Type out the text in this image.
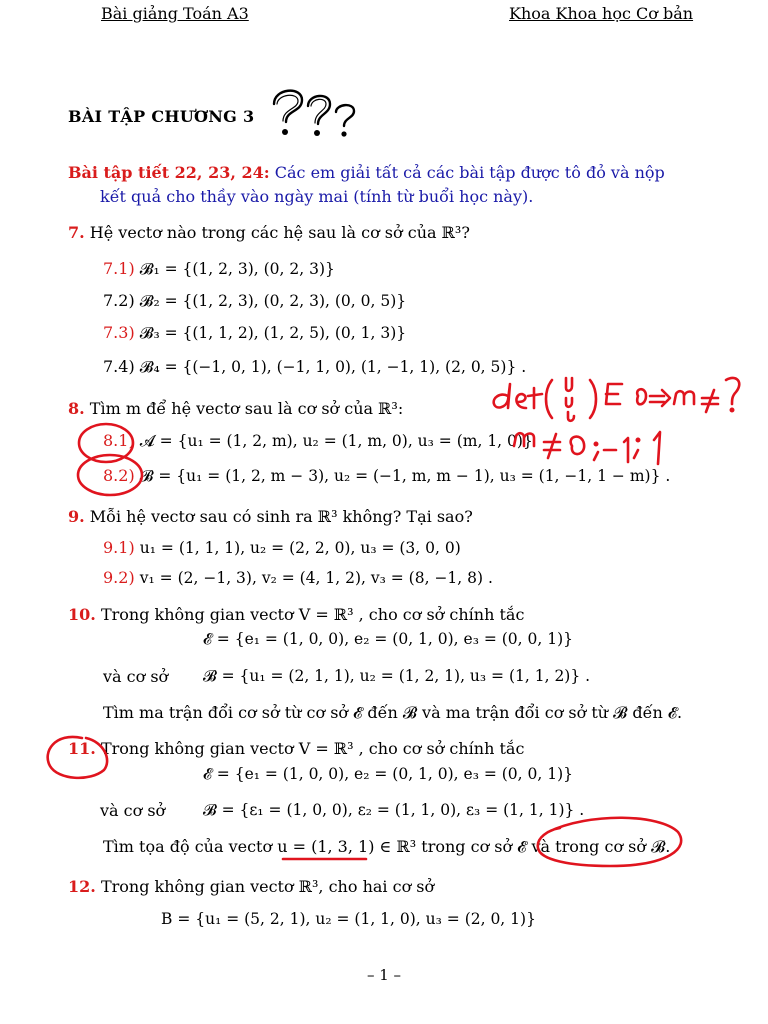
Bài giảng Toán A3	Khoa Khoa học Cơ bản
BÀI TẬP CHƯƠNG 3
Bài tập tiết 22, 23, 24: Các em giải tất cả các bài tập được tô đỏ và nộp
kết quả cho thầy vào ngày mai (tính từ buổi học này).
7. Hệ vectơ nào trong các hệ sau là cơ sở của ℝ³?
7.1) 𝓑₁ = {(1, 2, 3), (0, 2, 3)}
7.2) 𝓑₂ = {(1, 2, 3), (0, 2, 3), (0, 0, 5)}
7.3) 𝓑₃ = {(1, 1, 2), (1, 2, 5), (0, 1, 3)}
7.4) 𝓑₄ = {(−1, 0, 1), (−1, 1, 0), (1, −1, 1), (2, 0, 5)} .
8. Tìm m để hệ vectơ sau là cơ sở của ℝ³:
8.1) 𝓐 = {u₁ = (1, 2, m), u₂ = (1, m, 0), u₃ = (m, 1, 0)}
8.2) 𝓑 = {u₁ = (1, 2, m − 3), u₂ = (−1, m, m − 1), u₃ = (1, −1, 1 − m)} .
9. Mỗi hệ vectơ sau có sinh ra ℝ³ không? Tại sao?
9.1) u₁ = (1, 1, 1), u₂ = (2, 2, 0), u₃ = (3, 0, 0)
9.2) v₁ = (2, −1, 3), v₂ = (4, 1, 2), v₃ = (8, −1, 8) .
10. Trong không gian vectơ V = ℝ³ , cho cơ sở chính tắc
𝓔 = {e₁ = (1, 0, 0), e₂ = (0, 1, 0), e₃ = (0, 0, 1)}
và cơ sở 𝓑 = {u₁ = (2, 1, 1), u₂ = (1, 2, 1), u₃ = (1, 1, 2)} .
Tìm ma trận đổi cơ sở từ cơ sở 𝓔 đến 𝓑 và ma trận đổi cơ sở từ 𝓑 đến 𝓔.
11. Trong không gian vectơ V = ℝ³ , cho cơ sở chính tắc
𝓔 = {e₁ = (1, 0, 0), e₂ = (0, 1, 0), e₃ = (0, 0, 1)}
và cơ sở 𝓑 = {ε₁ = (1, 0, 0), ε₂ = (1, 1, 0), ε₃ = (1, 1, 1)} .
Tìm tọa độ của vectơ u = (1, 3, 1) ∈ ℝ³ trong cơ sở 𝓔 và trong cơ sở 𝓑.
12. Trong không gian vectơ ℝ³, cho hai cơ sở
B = {u₁ = (5, 2, 1), u₂ = (1, 1, 0), u₃ = (2, 0, 1)}
– 1 –
